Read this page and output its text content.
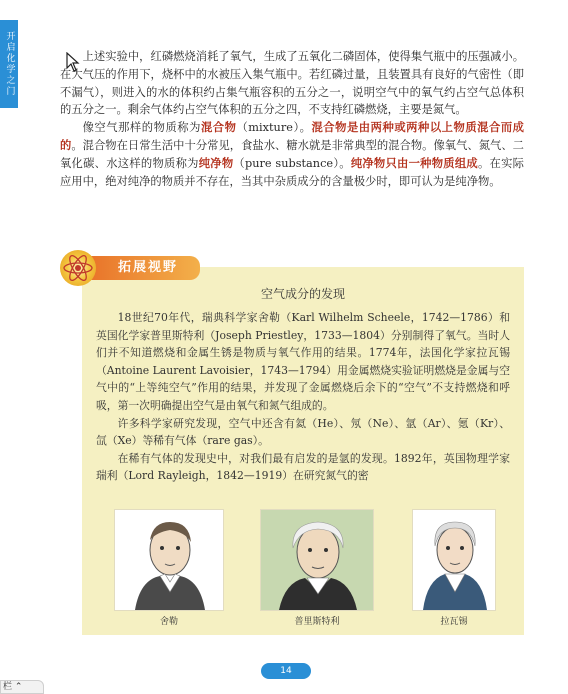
开启化学之门	上述实验中，红磷燃烧消耗了氧气，生成了五氧化二磷固体，使得集气瓶中的压强减小。在大气压的作用下，烧杯中的水被压入集气瓶中。若红磷过量，且装置具有良好的气密性（即不漏气），则进入的水的体积约占集气瓶容积的五分之一，说明空气中的氧气约占空气总体积的五分之一。剩余气体约占空气体积的五分之四，不支持红磷燃烧，主要是氮气。

像空气那样的物质称为混合物（mixture）。混合物是由两种或两种以上物质混合而成的。混合物在日常生活中十分常见，食盐水、糖水就是非常典型的混合物。像氧气、氮气、二氧化碳、水这样的物质称为纯净物（pure substance）。纯净物只由一种物质组成。在实际应用中，绝对纯净的物质并不存在，当其中杂质成分的含量极少时，即可认为是纯净物。

空气成分的发现

18世纪70年代，瑞典科学家舍勒（Karl Wilhelm Scheele，1742—1786）和英国化学家普里斯特利（Joseph Priestley，1733—1804）分别制得了氧气。当时人们并不知道燃烧和金属生锈是物质与氧气作用的结果。1774年，法国化学家拉瓦锡（Antoine Laurent Lavoisier，1743—1794）用金属燃烧实验证明燃烧是金属与空气中的“上等纯空气”作用的结果，并发现了金属燃烧后余下的“空气”不支持燃烧和呼吸，第一次明确提出空气是由氧气和氮气组成的。

许多科学家研究发现，空气中还含有氦（He）、氖（Ne）、氩（Ar）、氪（Kr）、氙（Xe）等稀有气体（rare gas）。

在稀有气体的发现史中，对我们最有启发的是氩的发现。1892年，英国物理学家瑞利（Lord Rayleigh，1842—1919）在研究氮气的密

舍勒	普里斯特利	拉瓦锡
拓展视野
14
栏 ⌃
